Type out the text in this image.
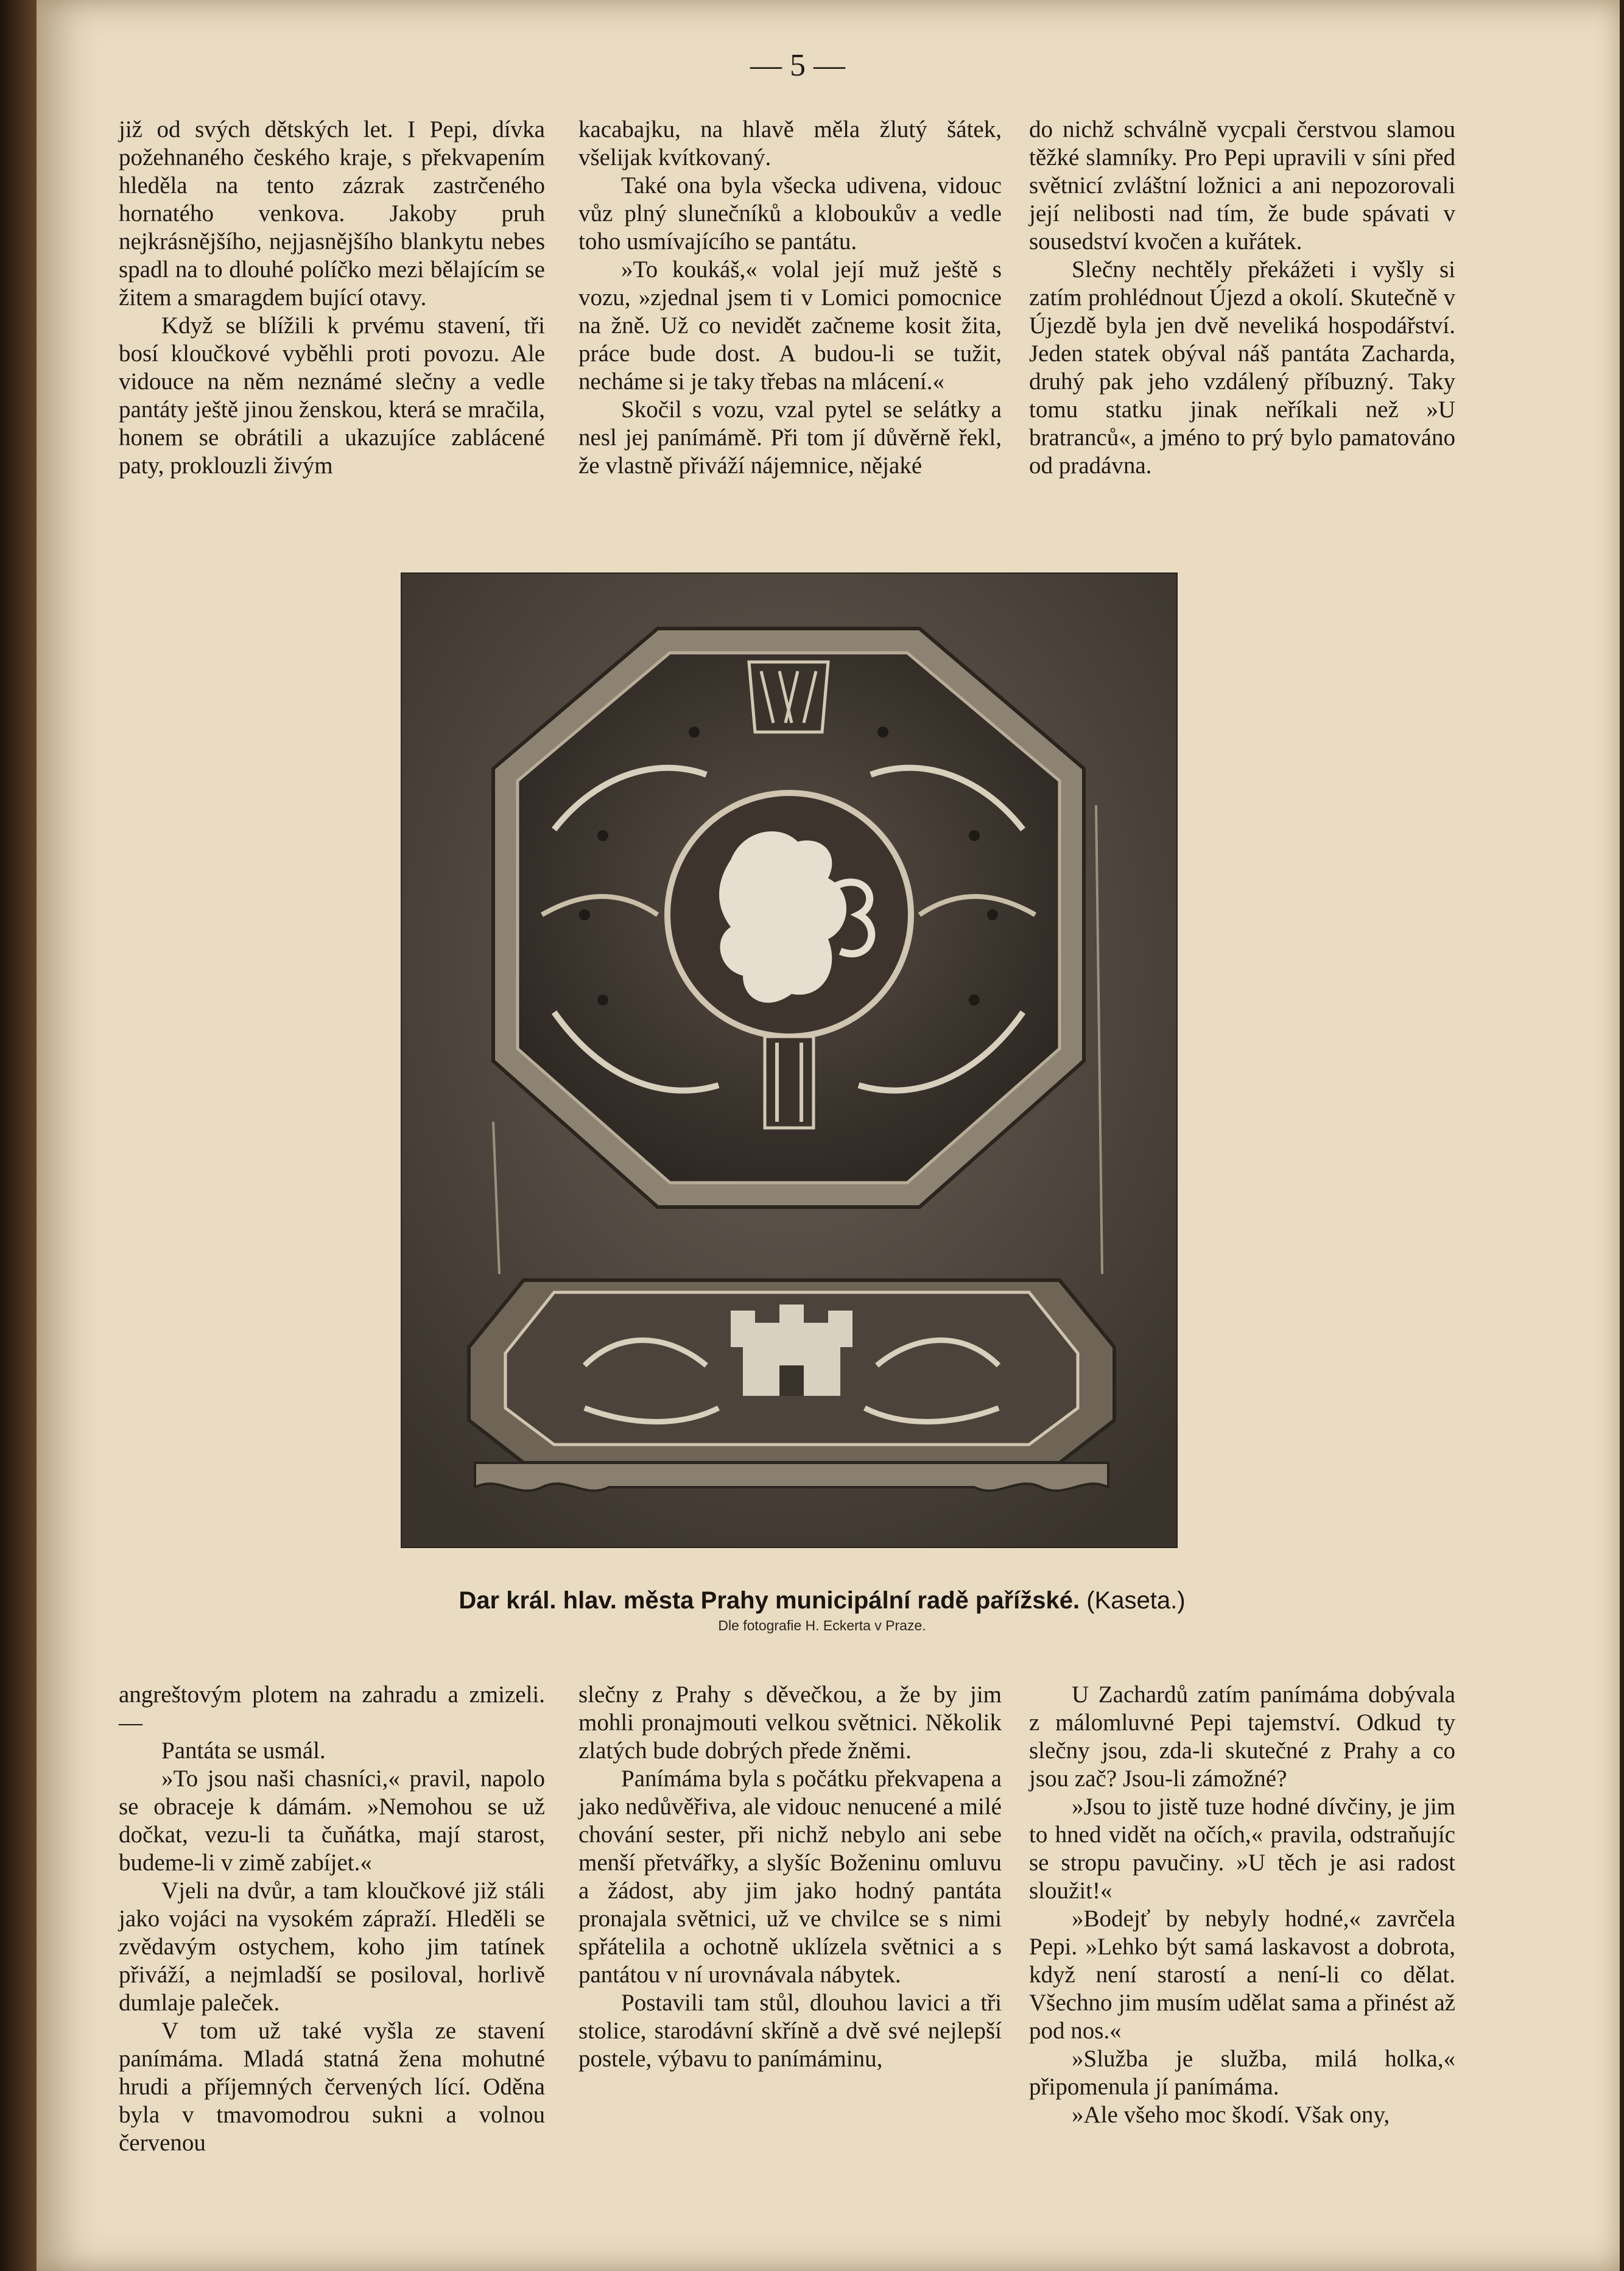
— 5 —

již od svých dětských let. I Pepi, dívka požehnaného českého kraje, s překvapením hleděla na tento zázrak zastrčeného hornatého venkova. Jakoby pruh nejkrásnějšího, nejjasnějšího blankytu nebes spadl na to dlouhé políčko mezi bělajícím se žitem a smaragdem bující otavy.

Když se blížili k prvému stavení, tři bosí kloučkové vyběhli proti povozu. Ale vidouce na něm neznámé slečny a vedle pantáty ještě jinou ženskou, která se mračila, honem se obrátili a ukazujíce zablácené paty, proklouzli živým

kacabajku, na hlavě měla žlutý šátek, všelijak kvítkovaný.

Také ona byla všecka udivena, vidouc vůz plný slunečníků a kloboukův a vedle toho usmívajícího se pantátu.

»To koukáš,« volal její muž ještě s vozu, »zjednal jsem ti v Lomici pomocnice na žně. Už co nevidět začneme kosit žita, práce bude dost. A budou-li se tužit, necháme si je taky třebas na mlácení.«

Skočil s vozu, vzal pytel se selátky a nesl jej panímámě. Při tom jí důvěrně řekl, že vlastně přiváží nájemnice, nějaké

do nichž schválně vycpali čerstvou slamou těžké slamníky. Pro Pepi upravili v síni před světnicí zvláštní ložnici a ani nepozorovali její nelibosti nad tím, že bude spávati v sousedství kvočen a kuřátek.

Slečny nechtěly překážeti i vyšly si zatím prohlédnout Újezd a okolí. Skutečně v Újezdě byla jen dvě neveliká hospodářství. Jeden statek obýval náš pantáta Zacharda, druhý pak jeho vzdálený příbuzný. Taky tomu statku jinak neříkali než »U bratranců«, a jméno to prý bylo pamatováno od pradávna.

Dar král. hlav. města Prahy municipální radě pařížské. (Kaseta.)
Dle fotografie H. Eckerta v Praze.

angreštovým plotem na zahradu a zmizeli. —

Pantáta se usmál.

»To jsou naši chasníci,« pravil, napolo se obraceje k dámám. »Nemohou se už dočkat, vezu-li ta čuňátka, mají starost, budeme-li v zimě zabíjet.«

Vjeli na dvůr, a tam kloučkové již stáli jako vojáci na vysokém zápraží. Hleděli se zvědavým ostychem, koho jim tatínek přiváží, a nejmladší se posiloval, horlivě dumlaje paleček.

V tom už také vyšla ze stavení panímáma. Mladá statná žena mohutné hrudi a příjemných červených lící. Oděna byla v tmavomodrou sukni a volnou červenou

slečny z Prahy s děvečkou, a že by jim mohli pronajmouti velkou světnici. Několik zlatých bude dobrých přede žněmi.

Panímáma byla s počátku překvapena a jako nedůvěřiva, ale vidouc nenucené a milé chování sester, při nichž nebylo ani sebe menší přetvářky, a slyšíc Boženinu omluvu a žádost, aby jim jako hodný pantáta pronajala světnici, už ve chvilce se s nimi spřátelila a ochotně uklízela světnici a s pantátou v ní urovnávala nábytek.

Postavili tam stůl, dlouhou lavici a tři stolice, starodávní skříně a dvě své nejlepší postele, výbavu to panímáminu,

U Zachardů zatím panímáma dobývala z málomluvné Pepi tajemství. Odkud ty slečny jsou, zda-li skutečné z Prahy a co jsou zač? Jsou-li zámožné?

»Jsou to jistě tuze hodné dívčiny, je jim to hned vidět na očích,« pravila, odstraňujíc se stropu pavučiny. »U těch je asi radost sloužit!«

»Bodejť by nebyly hodné,« zavrčela Pepi. »Lehko být samá laskavost a dobrota, když není starostí a není-li co dělat. Všechno jim musím udělat sama a přinést až pod nos.«

»Služba je služba, milá holka,« připomenula jí panímáma.

»Ale všeho moc škodí. Však ony,
